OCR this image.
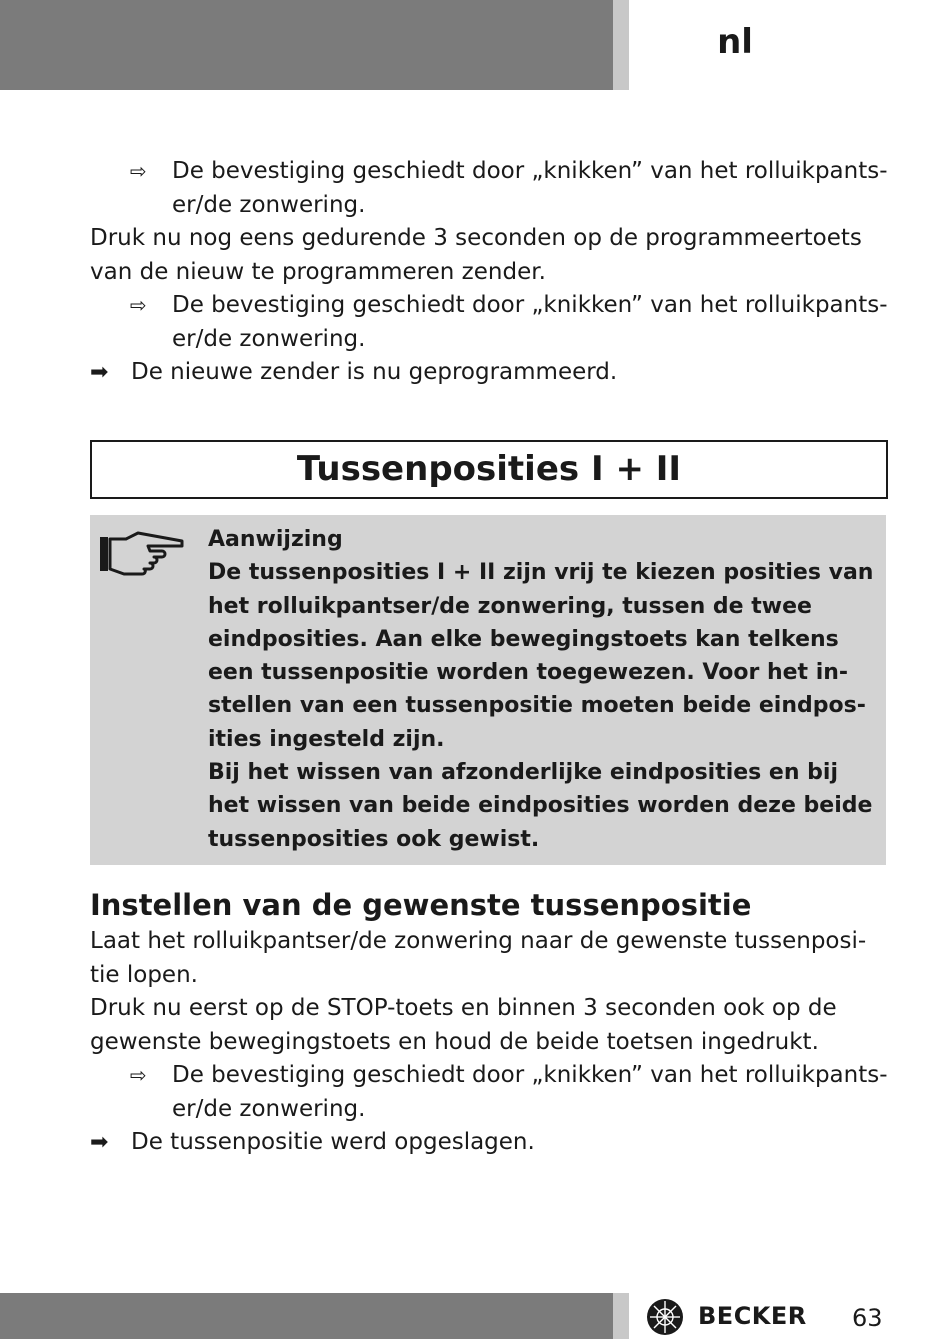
nl
⇨ De bevestiging geschiedt door „knikken” van het rolluikpants-er/de zonwering.
Druk nu nog eens gedurende 3 seconden op de programmeertoets van de nieuw te programmeren zender.
⇨ De bevestiging geschiedt door „knikken” van het rolluikpants-er/de zonwering.
➡ De nieuwe zender is nu geprogrammeerd.
Tussenposities I + II
Aanwijzing
De tussenposities I + II zijn vrij te kiezen posities van het rolluikpantser/de zonwering, tussen de twee eindposities. Aan elke bewegingstoets kan telkens een tussenpositie worden toegewezen. Voor het in-stellen van een tussenpositie moeten beide eindpos-ities ingesteld zijn.
Bij het wissen van afzonderlijke eindposities en bij het wissen van beide eindposities worden deze beide tussenposities ook gewist.
Instellen van de gewenste tussenpositie
Laat het rolluikpantser/de zonwering naar de gewenste tussenposi-tie lopen.
Druk nu eerst op de STOP-toets en binnen 3 seconden ook op de gewenste bewegingstoets en houd de beide toetsen ingedrukt.
⇨ De bevestiging geschiedt door „knikken” van het rolluikpants-er/de zonwering.
➡ De tussenpositie werd opgeslagen.
BECKER 63
